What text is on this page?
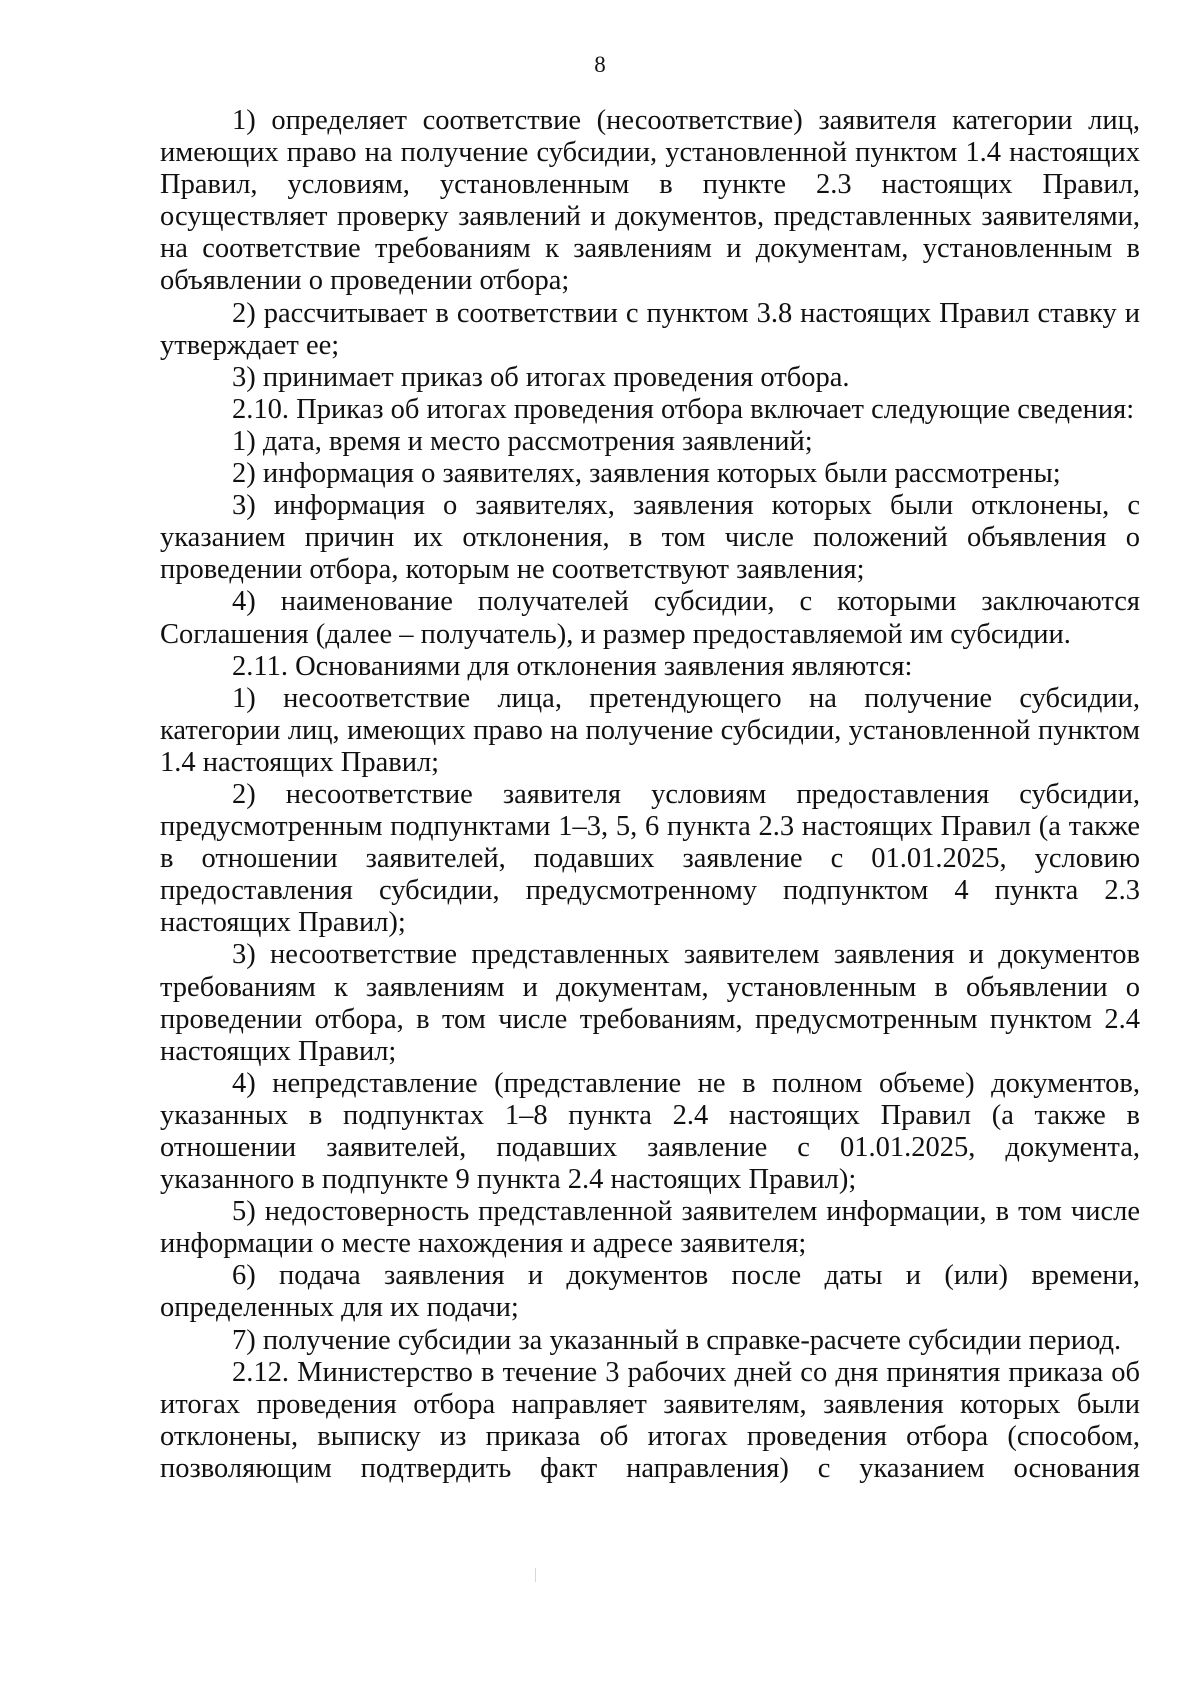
8

1) определяет соответствие (несоответствие) заявителя категории лиц, имеющих право на получение субсидии, установленной пунктом 1.4 настоящих Правил, условиям, установленным в пункте 2.3 настоящих Правил, осуществляет проверку заявлений и документов, представленных заявителями, на соответствие требованиям к заявлениям и документам, установленным в объявлении о проведении отбора;

2) рассчитывает в соответствии с пунктом 3.8 настоящих Правил ставку и утверждает ее;

3) принимает приказ об итогах проведения отбора.

2.10. Приказ об итогах проведения отбора включает следующие сведения:

1) дата, время и место рассмотрения заявлений;

2) информация о заявителях, заявления которых были рассмотрены;

3) информация о заявителях, заявления которых были отклонены, с указанием причин их отклонения, в том числе положений объявления о проведении отбора, которым не соответствуют заявления;

4) наименование получателей субсидии, с которыми заключаются Соглашения (далее – получатель), и размер предоставляемой им субсидии.

2.11. Основаниями для отклонения заявления являются:

1) несоответствие лица, претендующего на получение субсидии, категории лиц, имеющих право на получение субсидии, установленной пунктом 1.4 настоящих Правил;

2) несоответствие заявителя условиям предоставления субсидии, предусмотренным подпунктами 1–3, 5, 6 пункта 2.3 настоящих Правил (а также в отношении заявителей, подавших заявление с 01.01.2025, условию предоставления субсидии, предусмотренному подпунктом 4 пункта 2.3 настоящих Правил);

3) несоответствие представленных заявителем заявления и документов требованиям к заявлениям и документам, установленным в объявлении о проведении отбора, в том числе требованиям, предусмотренным пунктом 2.4 настоящих Правил;

4) непредставление (представление не в полном объеме) документов, указанных в подпунктах 1–8 пункта 2.4 настоящих Правил (а также в отношении заявителей, подавших заявление с 01.01.2025, документа, указанного в подпункте 9 пункта 2.4 настоящих Правил);

5) недостоверность представленной заявителем информации, в том числе информации о месте нахождения и адресе заявителя;

6) подача заявления и документов после даты и (или) времени, определенных для их подачи;

7) получение субсидии за указанный в справке-расчете субсидии период.

2.12. Министерство в течение 3 рабочих дней со дня принятия приказа об итогах проведения отбора направляет заявителям, заявления которых были отклонены, выписку из приказа об итогах проведения отбора (способом, позволяющим подтвердить факт направления) с указанием основания
